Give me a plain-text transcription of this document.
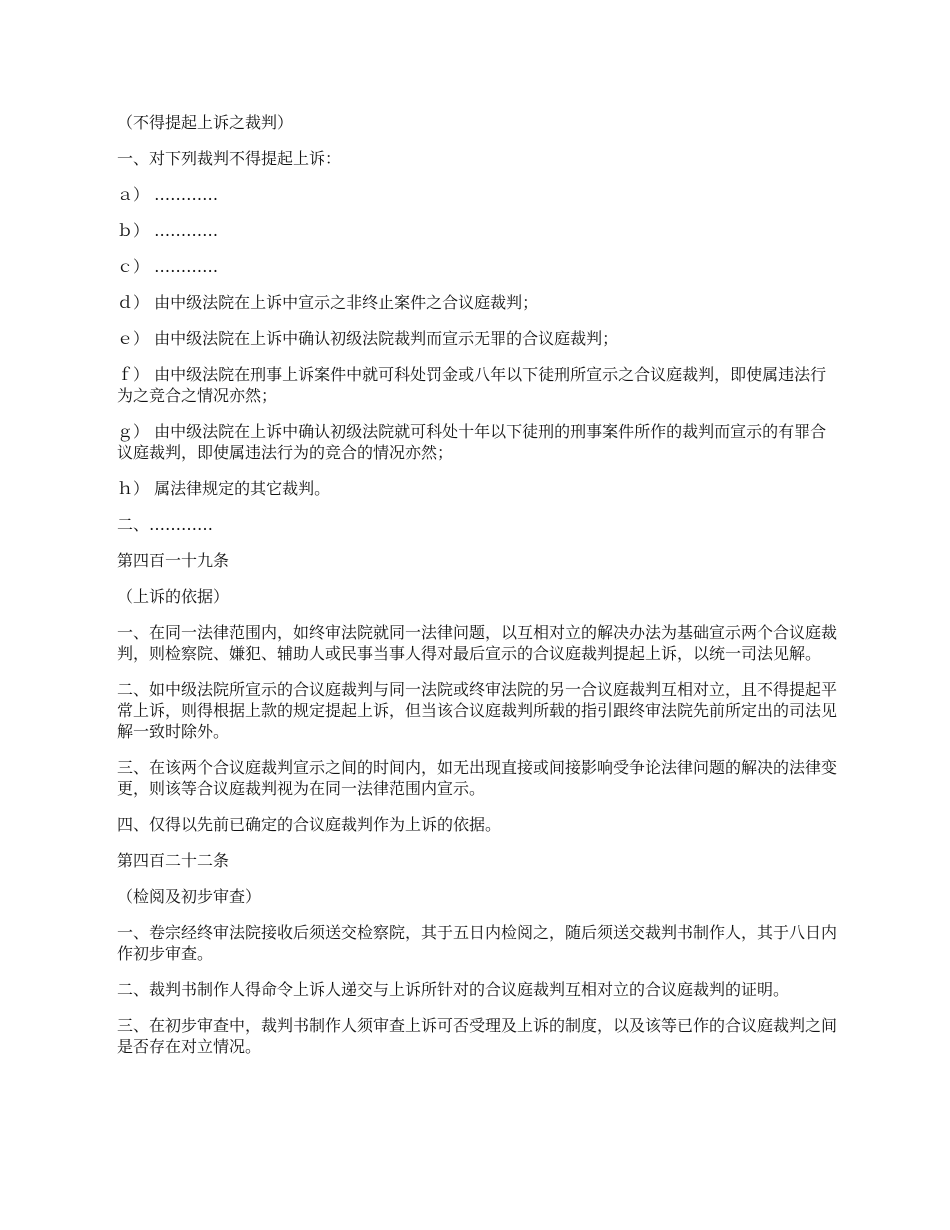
（不得提起上诉之裁判）

一、对下列裁判不得提起上诉：

ａ） …………

ｂ） …………

ｃ） …………

ｄ） 由中级法院在上诉中宣示之非终止案件之合议庭裁判；

ｅ） 由中级法院在上诉中确认初级法院裁判而宣示无罪的合议庭裁判；

ｆ） 由中级法院在刑事上诉案件中就可科处罚金或八年以下徒刑所宣示之合议庭裁判，即使属违法行为之竞合之情况亦然；

ｇ） 由中级法院在上诉中确认初级法院就可科处十年以下徒刑的刑事案件所作的裁判而宣示的有罪合议庭裁判，即使属违法行为的竞合的情况亦然；

ｈ） 属法律规定的其它裁判。

二、…………

第四百一十九条

（上诉的依据）

一、在同一法律范围内，如终审法院就同一法律问题，以互相对立的解决办法为基础宣示两个合议庭裁判，则检察院、嫌犯、辅助人或民事当事人得对最后宣示的合议庭裁判提起上诉，以统一司法见解。

二、如中级法院所宣示的合议庭裁判与同一法院或终审法院的另一合议庭裁判互相对立，且不得提起平常上诉，则得根据上款的规定提起上诉，但当该合议庭裁判所载的指引跟终审法院先前所定出的司法见解一致时除外。

三、在该两个合议庭裁判宣示之间的时间内，如无出现直接或间接影响受争论法律问题的解决的法律变更，则该等合议庭裁判视为在同一法律范围内宣示。

四、仅得以先前已确定的合议庭裁判作为上诉的依据。

第四百二十二条

（检阅及初步审查）

一、卷宗经终审法院接收后须送交检察院，其于五日内检阅之，随后须送交裁判书制作人，其于八日内作初步审查。

二、裁判书制作人得命令上诉人递交与上诉所针对的合议庭裁判互相对立的合议庭裁判的证明。

三、在初步审查中，裁判书制作人须审查上诉可否受理及上诉的制度，以及该等已作的合议庭裁判之间是否存在对立情况。
